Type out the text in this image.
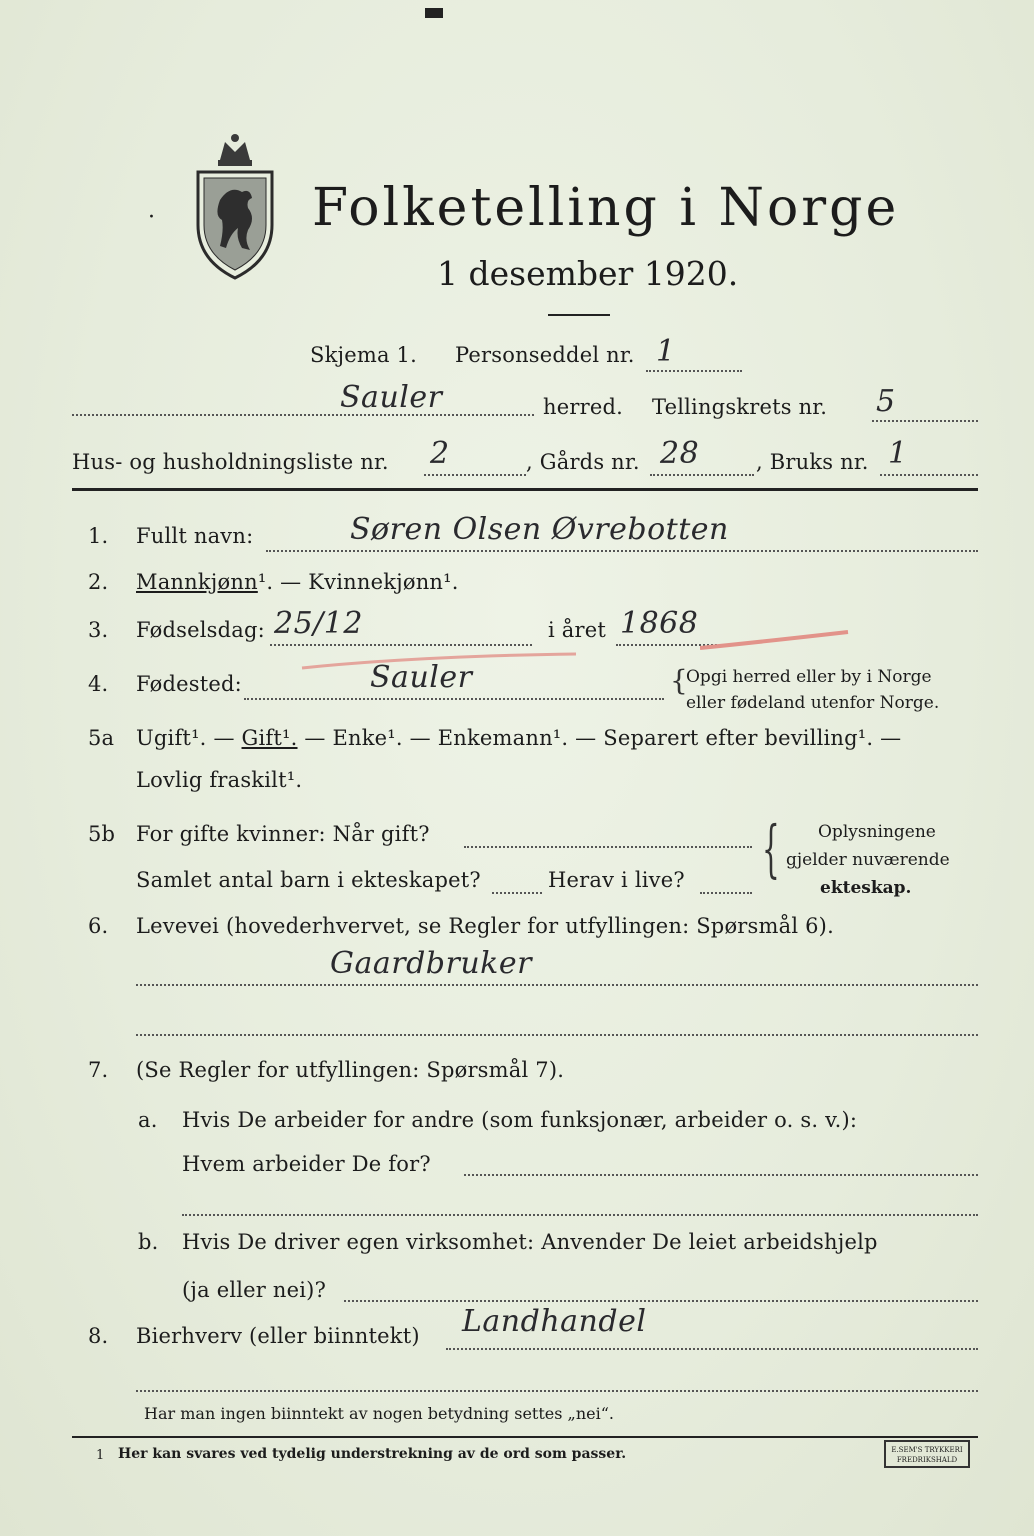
·	Folketelling i Norge
1 desember 1920.
Skjema 1. Personseddel nr. 1
Sauler	herred. Tellingskrets nr. 5
Hus- og husholdningsliste nr. 2	, Gårds nr. 28	, Bruks nr. 1
1. Fullt navn:	Søren Olsen Øvrebotten
2. Mannkjønn¹. — Kvinnekjønn¹.
3. Fødselsdag: 25/12	i året 1868
4. Fødested:	Sauler	{
Opgi herred eller by i Norge
eller fødeland utenfor Norge.
5a Ugift¹. — Gift¹. — Enke¹. — Enkemann¹. — Separert efter bevilling¹. —
Lovlig fraskilt¹.
5b For gifte kvinner: Når gift?
Samlet antal barn i ekteskapet?	Herav i live? { Oplysningene
gjelder nuværende
ekteskap.
6. Levevei (hovederhvervet, se Regler for utfyllingen: Spørsmål 6).
Gaardbruker
7. (Se Regler for utfyllingen: Spørsmål 7).
a. Hvis De arbeider for andre (som funksjonær, arbeider o. s. v.):
Hvem arbeider De for?
b. Hvis De driver egen virksomhet: Anvender De leiet arbeidshjelp
(ja eller nei)?
8. Bierhverv (eller biinntekt) Landhandel
Har man ingen biinntekt av nogen betydning settes „nei“.
1 Her kan svares ved tydelig understrekning av de ord som passer.	E.SEM'S TRYKKERI
FREDRIKSHALD
